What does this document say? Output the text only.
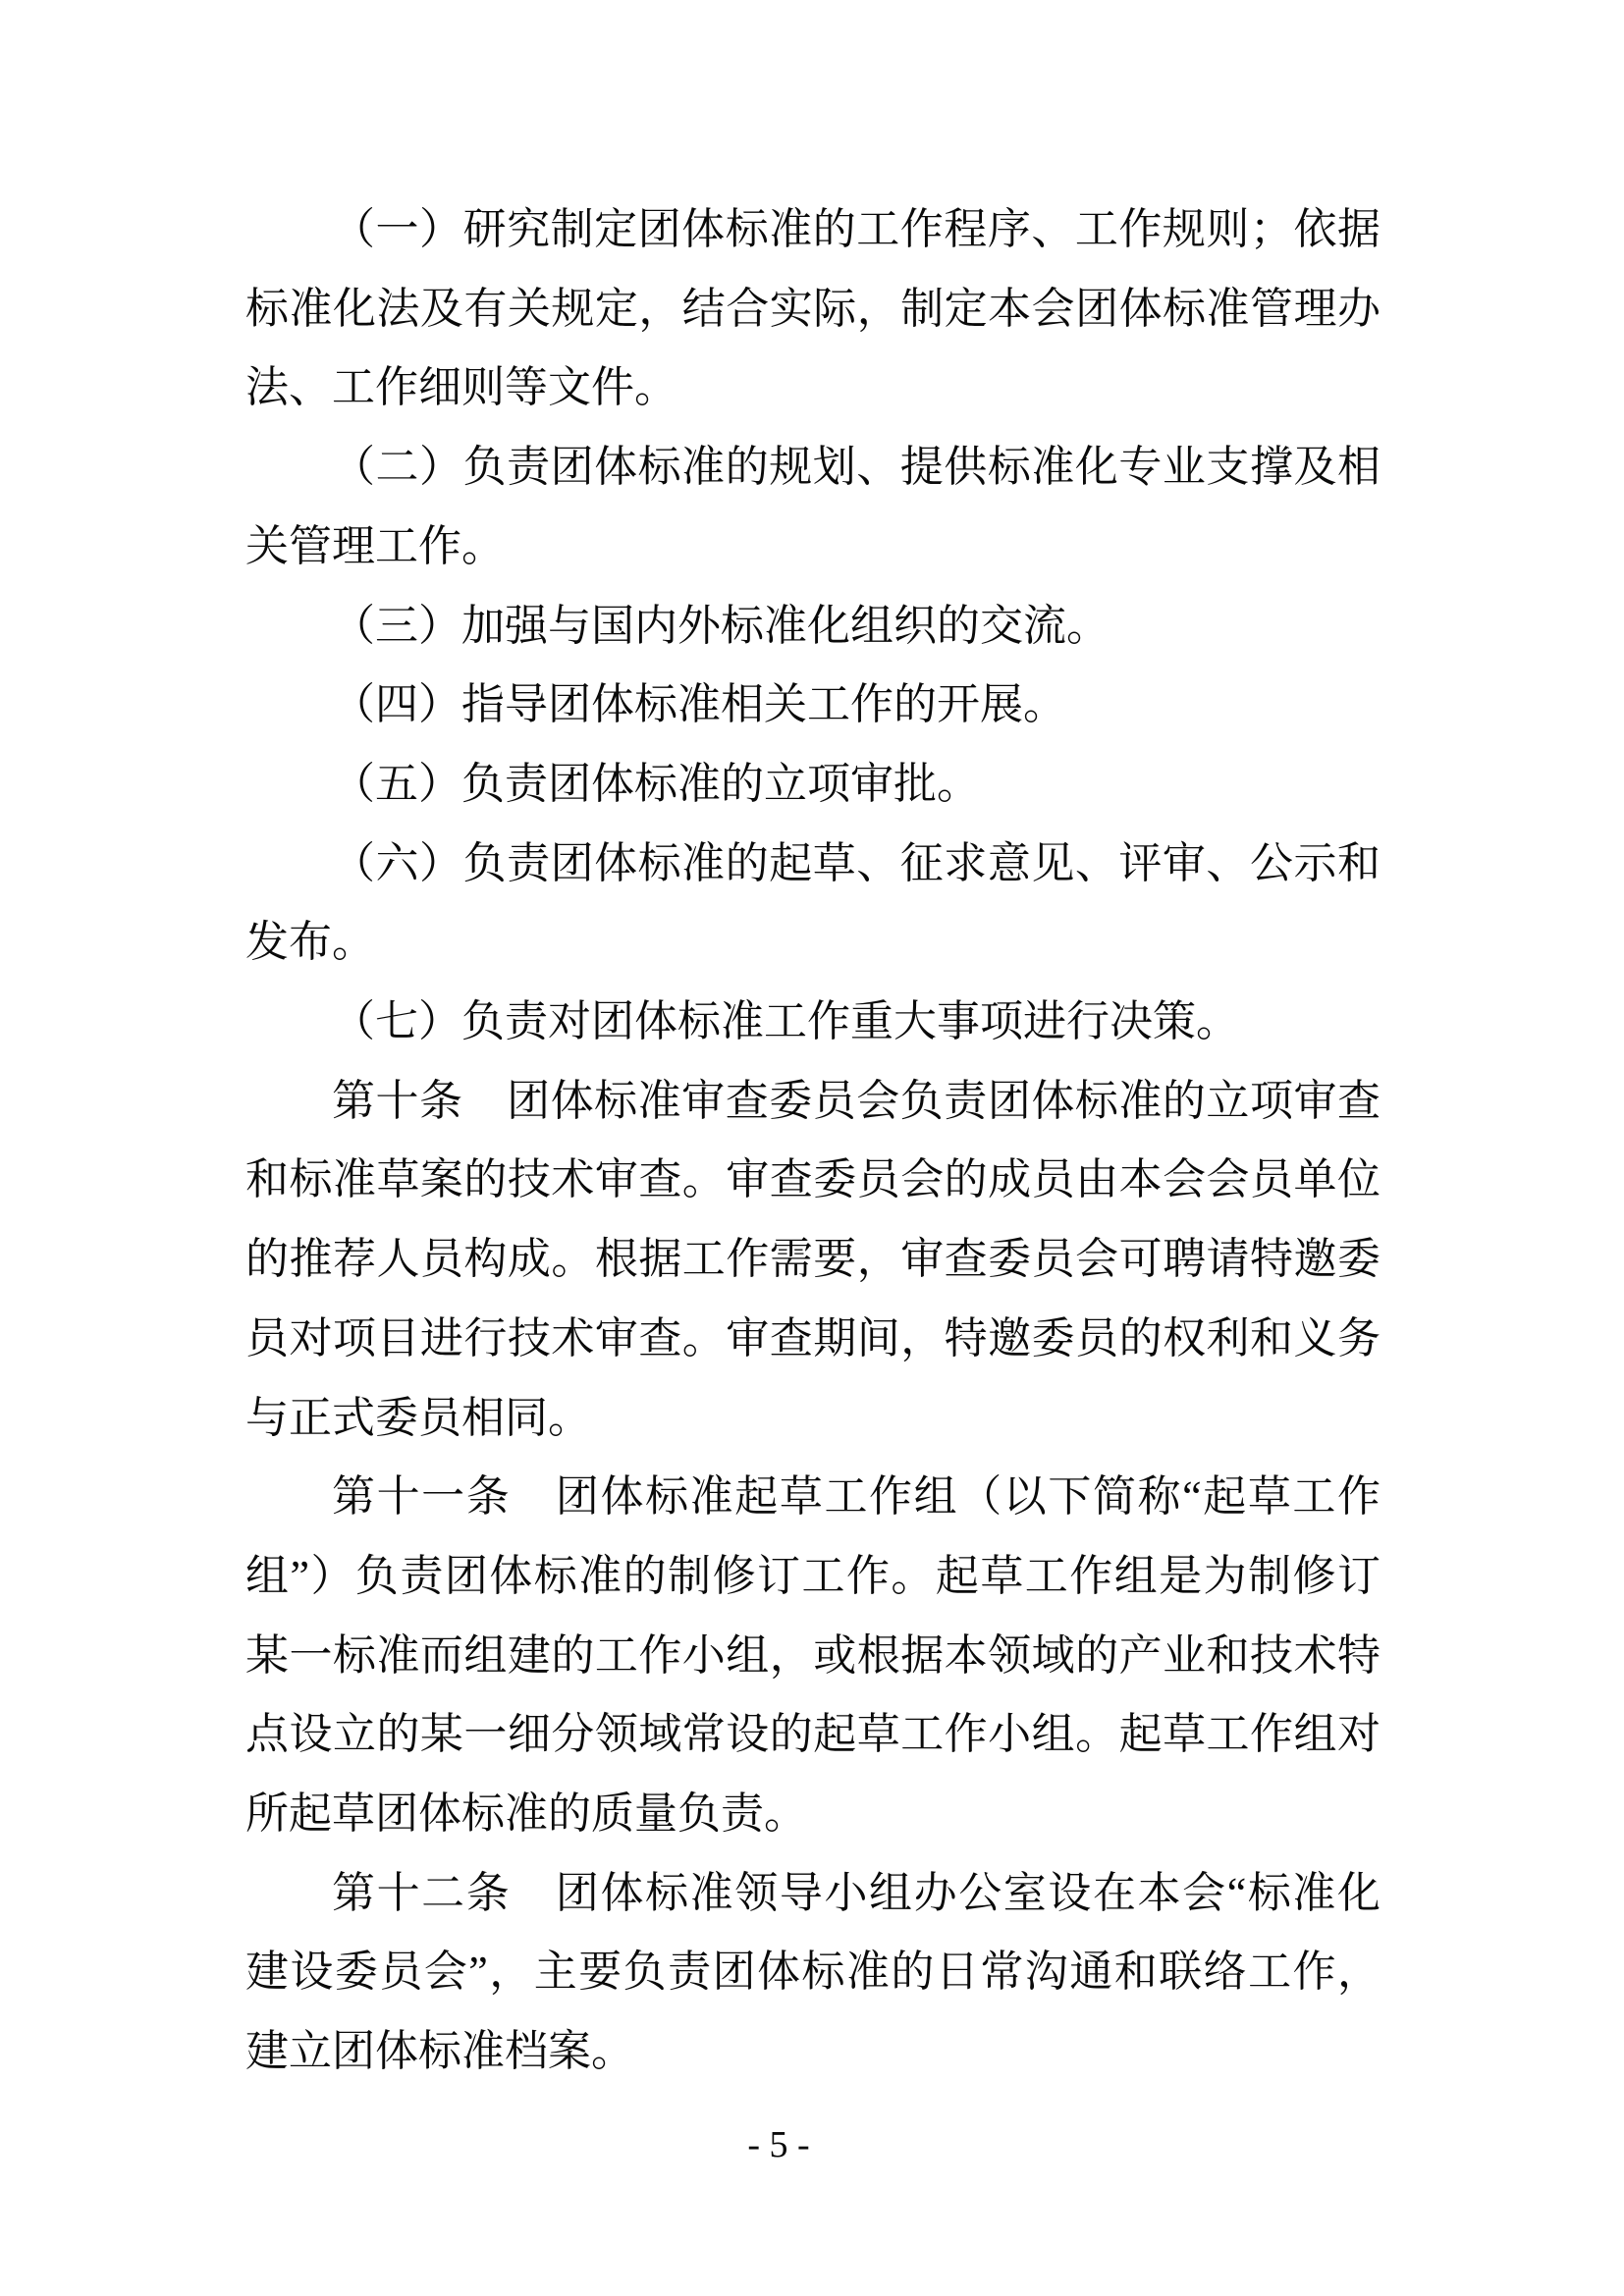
（一）研究制定团体标准的工作程序、工作规则；依据标准化法及有关规定，结合实际，制定本会团体标准管理办法、工作细则等文件。

（二）负责团体标准的规划、提供标准化专业支撑及相关管理工作。

（三）加强与国内外标准化组织的交流。

（四）指导团体标准相关工作的开展。

（五）负责团体标准的立项审批。

（六）负责团体标准的起草、征求意见、评审、公示和发布。

（七）负责对团体标准工作重大事项进行决策。

第十条　团体标准审查委员会负责团体标准的立项审查和标准草案的技术审查。审查委员会的成员由本会会员单位的推荐人员构成。根据工作需要，审查委员会可聘请特邀委员对项目进行技术审查。审查期间，特邀委员的权利和义务与正式委员相同。

第十一条　团体标准起草工作组（以下简称“起草工作组”）负责团体标准的制修订工作。起草工作组是为制修订某一标准而组建的工作小组，或根据本领域的产业和技术特点设立的某一细分领域常设的起草工作小组。起草工作组对所起草团体标准的质量负责。

第十二条　团体标准领导小组办公室设在本会“标准化建设委员会”，主要负责团体标准的日常沟通和联络工作，建立团体标准档案。

- 5 -
